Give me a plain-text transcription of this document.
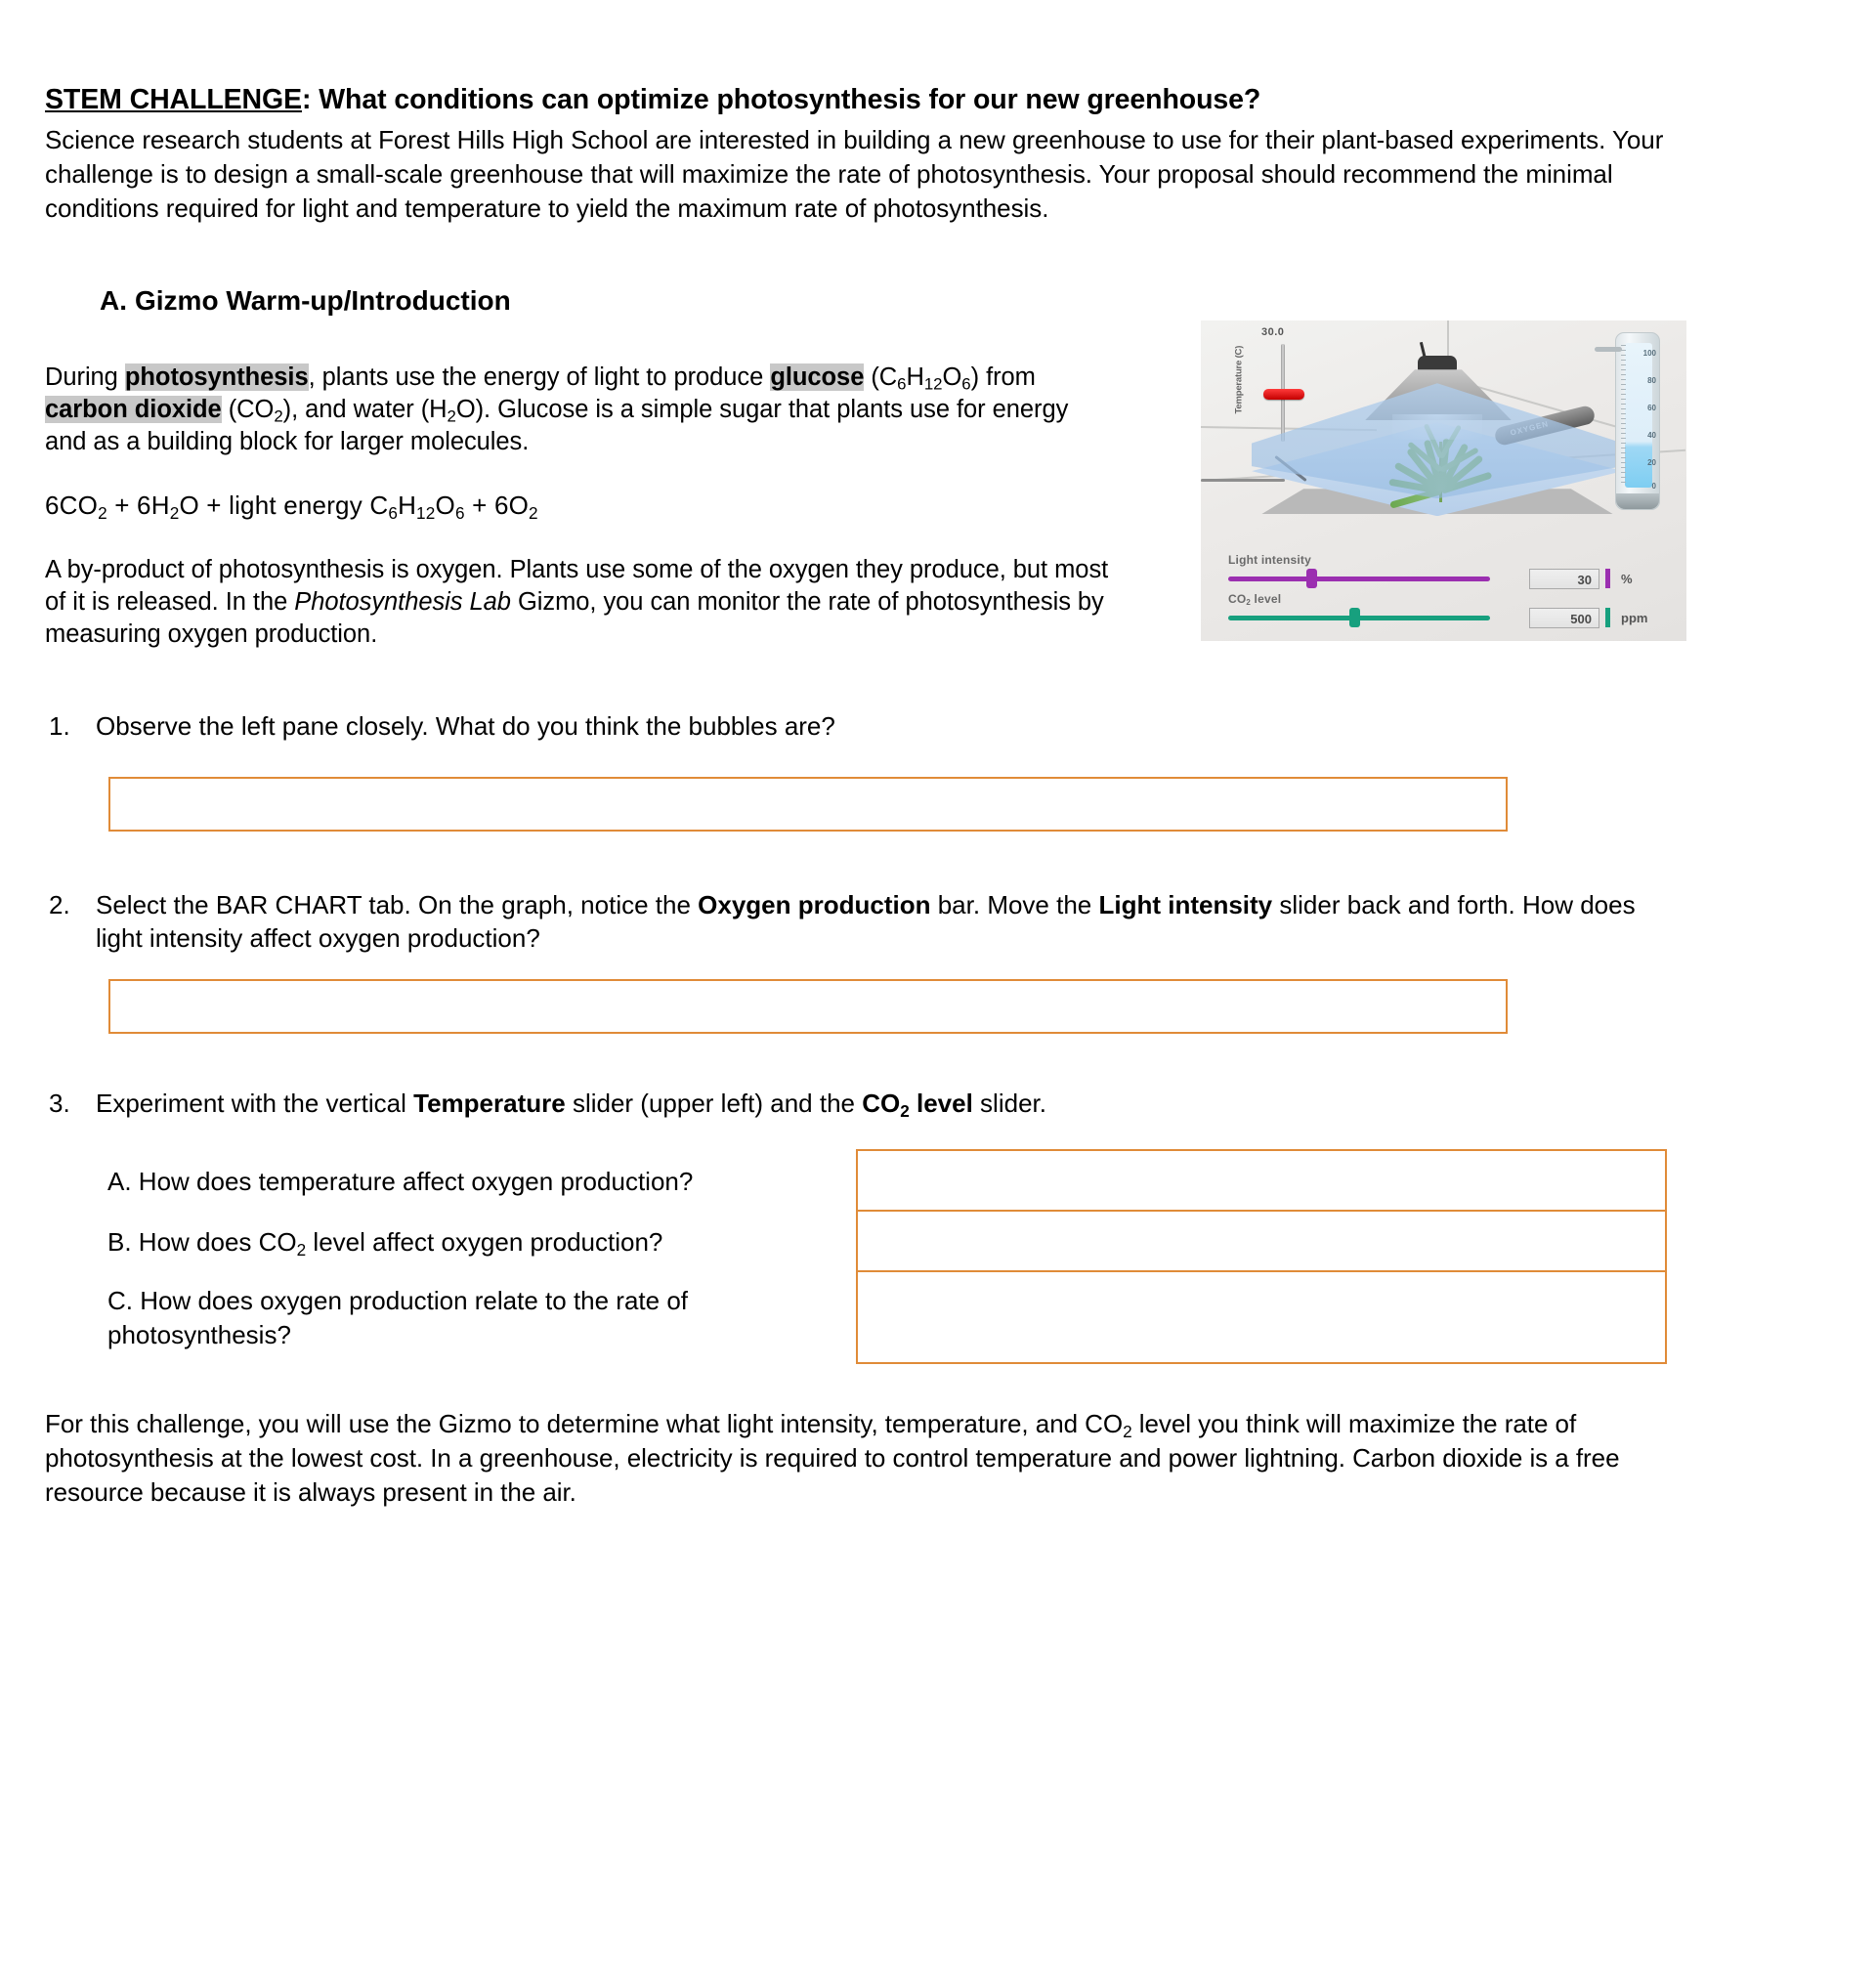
STEM CHALLENGE: What conditions can optimize photosynthesis for our new greenhouse?

Science research students at Forest Hills High School are interested in building a new greenhouse to use for their plant-based experiments. Your challenge is to design a small-scale greenhouse that will maximize the rate of photosynthesis. Your proposal should recommend the minimal conditions required for light and temperature to yield the maximum rate of photosynthesis.

A. Gizmo Warm-up/Introduction
30.0
Temperature (C)	100
80
60
40
20
0
Light intensity
30	%
$CO_2$ level
500	ppm

During photosynthesis, plants use the energy of light to produce glucose $(C_6H_{12}O_6)$ from carbon dioxide $(CO_2)$, and water $(H_2O)$. Glucose is a simple sugar that plants use for energy and as a building block for larger molecules.

$6CO_2 + 6H_2O$ + light energy $C_6H_{12}O_6 + 6O_2$

A by-product of photosynthesis is oxygen. Plants use some of the oxygen they produce, but most of it is released. In the Photosynthesis Lab Gizmo, you can monitor the rate of photosynthesis by measuring oxygen production.

1.	Observe the left pane closely. What do you think the bubbles are?
2.	Select the BAR CHART tab. On the graph, notice the Oxygen production bar. Move the Light intensity slider back and forth. How does light intensity affect oxygen production?
3.	Experiment with the vertical Temperature slider (upper left) and the $CO_2$ level slider.
A. How does temperature affect oxygen production?
B. How does $CO_2$ level affect oxygen production?
C. How does oxygen production relate to the rate of photosynthesis?

For this challenge, you will use the Gizmo to determine what light intensity, temperature, and $CO_2$ level you think will maximize the rate of photosynthesis at the lowest cost. In a greenhouse, electricity is required to control temperature and power lightning. Carbon dioxide is a free resource because it is always present in the air.
